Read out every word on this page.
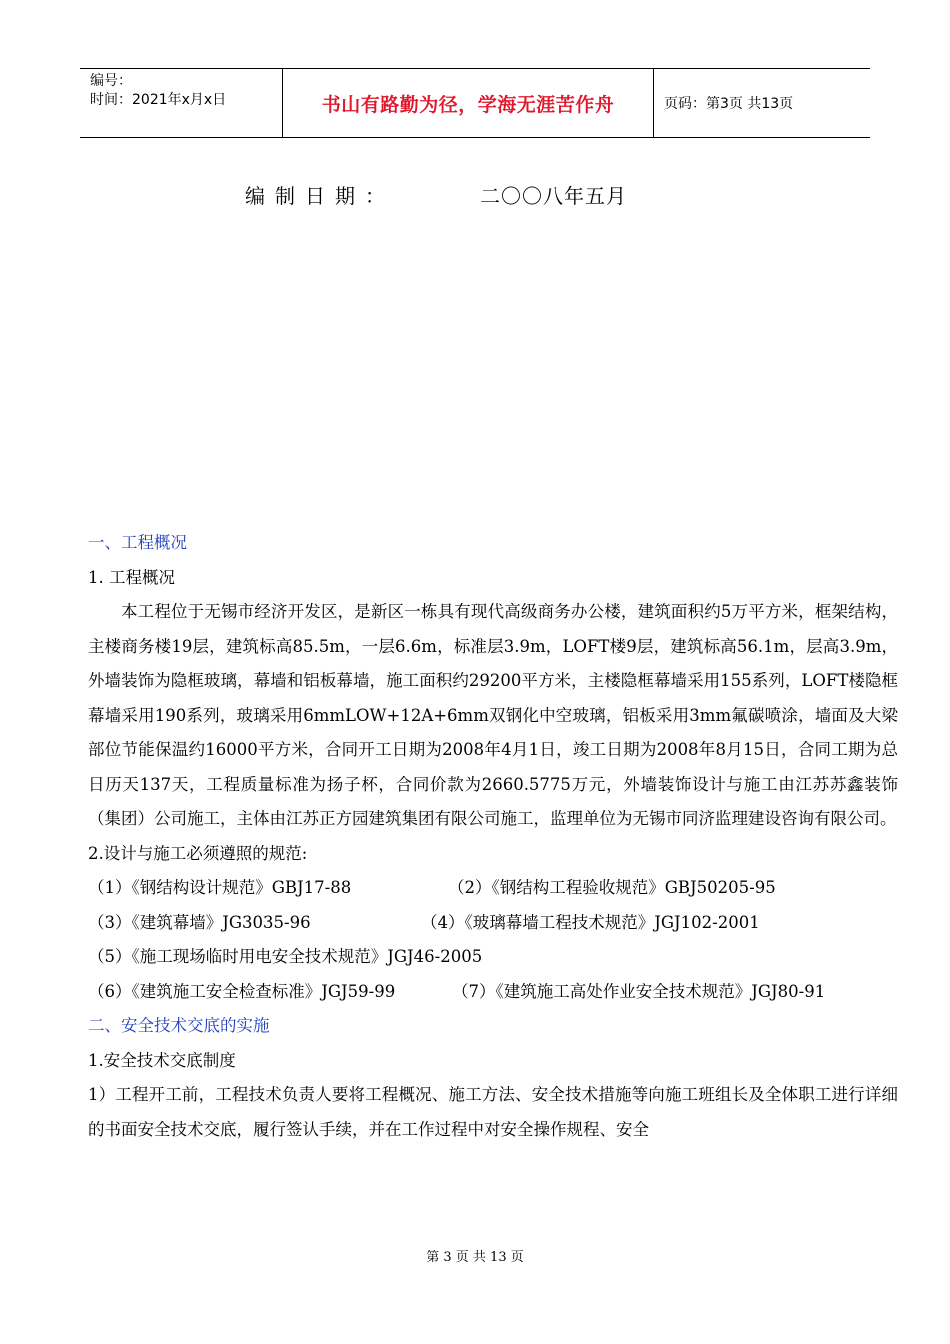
编号：
时间：2021年x月x日	书山有路勤为径，学海无涯苦作舟	页码：第3页 共13页
编制日期：	二〇〇八年五月
一、工程概况
1. 工程概况

本工程位于无锡市经济开发区，是新区一栋具有现代高级商务办公楼，建筑面积约5万平方米，框架结构，主楼商务楼19层，建筑标高85.5m，一层6.6m，标准层3.9m，LOFT楼9层，建筑标高56.1m，层高3.9m，外墙装饰为隐框玻璃，幕墙和铝板幕墙，施工面积约29200平方米，主楼隐框幕墙采用155系列，LOFT楼隐框幕墙采用190系列，玻璃采用6mmLOW+12A+6mm双钢化中空玻璃，铝板采用3mm氟碳喷涂，墙面及大梁部位节能保温约16000平方米，合同开工日期为2008年4月1日，竣工日期为2008年8月15日，合同工期为总日历天137天，工程质量标准为扬子杯，合同价款为2660.5775万元，外墙装饰设计与施工由江苏苏鑫装饰（集团）公司施工，主体由江苏正方园建筑集团有限公司施工，监理单位为无锡市同济监理建设咨询有限公司。

2.设计与施工必须遵照的规范:
（1）《钢结构设计规范》GBJ17-88	（2）《钢结构工程验收规范》GBJ50205-95
（3）《建筑幕墙》JG3035-96	（4）《玻璃幕墙工程技术规范》JGJ102-2001
（5）《施工现场临时用电安全技术规范》JGJ46-2005
（6）《建筑施工安全检查标准》JGJ59-99	（7）《建筑施工高处作业安全技术规范》JGJ80-91
二、安全技术交底的实施
1.安全技术交底制度

1）工程开工前，工程技术负责人要将工程概况、施工方法、安全技术措施等向施工班组长及全体职工进行详细的书面安全技术交底，履行签认手续，并在工作过程中对安全操作规程、安全

第 3 页 共 13 页
